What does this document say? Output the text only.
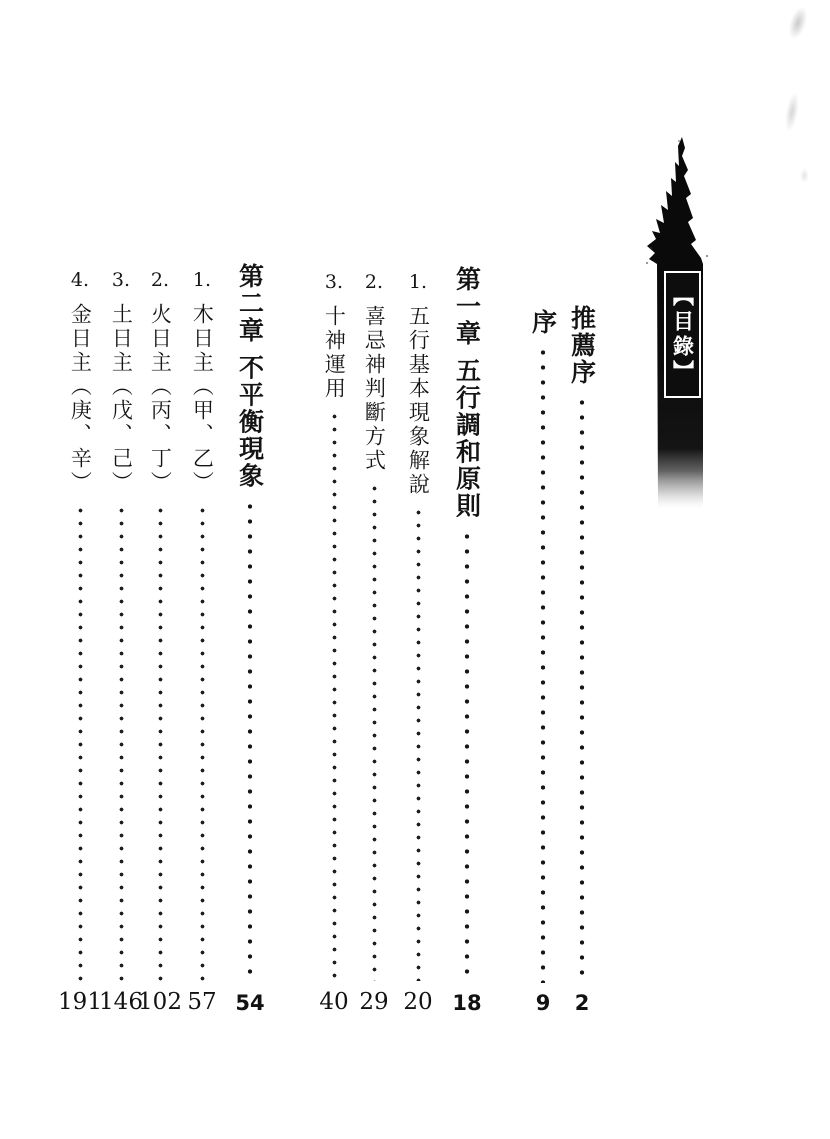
【目錄】
推薦序
2
序
9
第一章 五行調和原則
18
1.
五行基本現象解說
20
2.
喜忌神判斷方式
29
3.
十神運用
40
第二章 不平衡現象
54
1.
木日主（甲、乙）
57
2.
火日主（丙、丁）
102
3.
土日主（戊、己）
146
4.
金日主（庚、辛）
191
